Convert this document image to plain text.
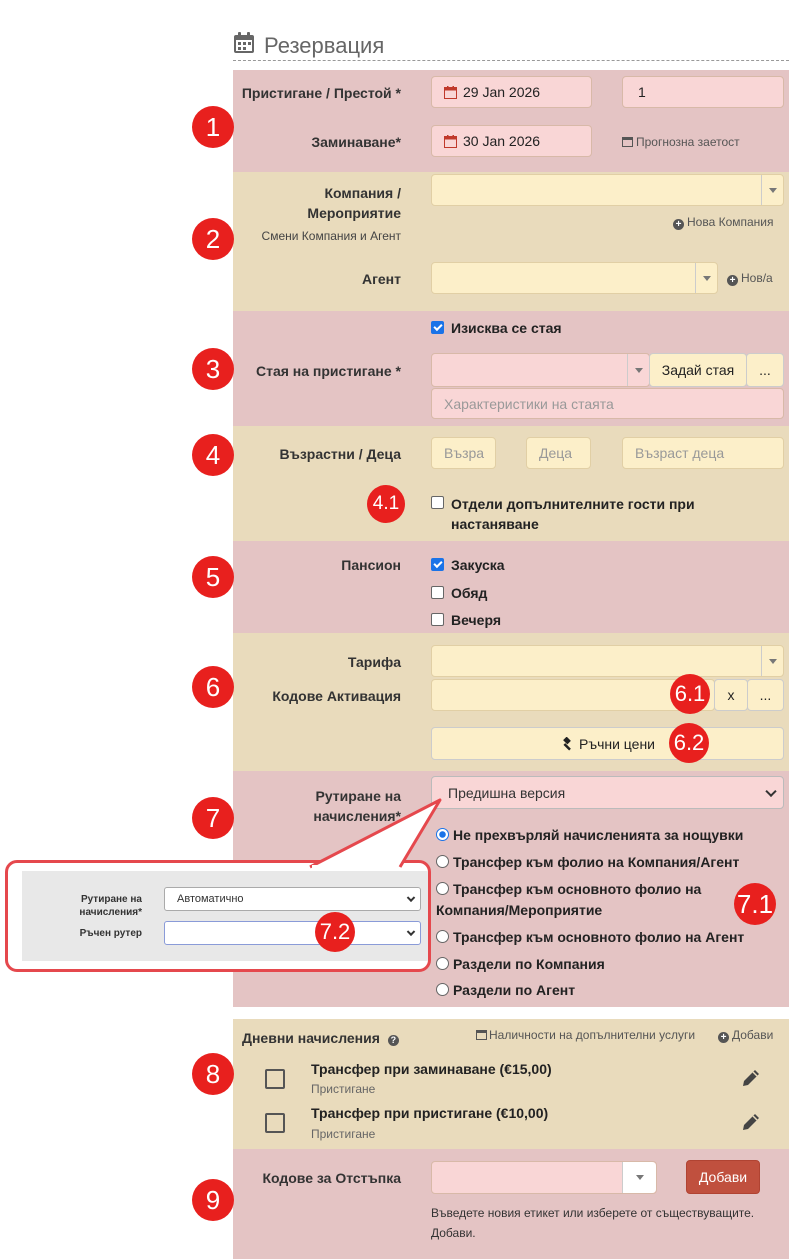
Резервация
Пристигане / Престой *	29 Jan 2026	1
1
Заминаване*	30 Jan 2026	Прогнозна заетост
Компания /
Мероприятие
Смени Компания и Агент
+ Нова Компания
2
Агент	+ Нов/а
Изисква се стая
3	Стая на пристигане *	Задай стая	...
Характеристики на стаята
4	Възрастни / Деца	Възра	Деца	Възраст деца
4.1	Отдели допълнителните гости при
настаняване
Пансион
5	Закуска
Обяд
Вечеря
Тарифа
6	Кодове Активация	x	...
6.1
Ръчни цени 6.2
Рутиране на
начисления*
7
Предишна версия
Не прехвърляй начисленията за нощувки
Трансфер към фолио на Компания/Агент
Трансфер към основното фолио на
Компания/Мероприятие
Трансфер към основното фолио на Агент
Раздели по Компания
Раздели по Агент
7.1
Рутиране на
начисления*
Автоматично
Ръчен рутер	7.2
Дневни начисления ?	Наличности на допълнителни услуги	+ Добави
8	Трансфер при заминаване (€15,00)
Пристигане
Трансфер при пристигане (€10,00)
Пристигане
Кодове за Отстъпка
9
Добави
Въведете новия етикет или изберете от съществуващите.
Добави.
